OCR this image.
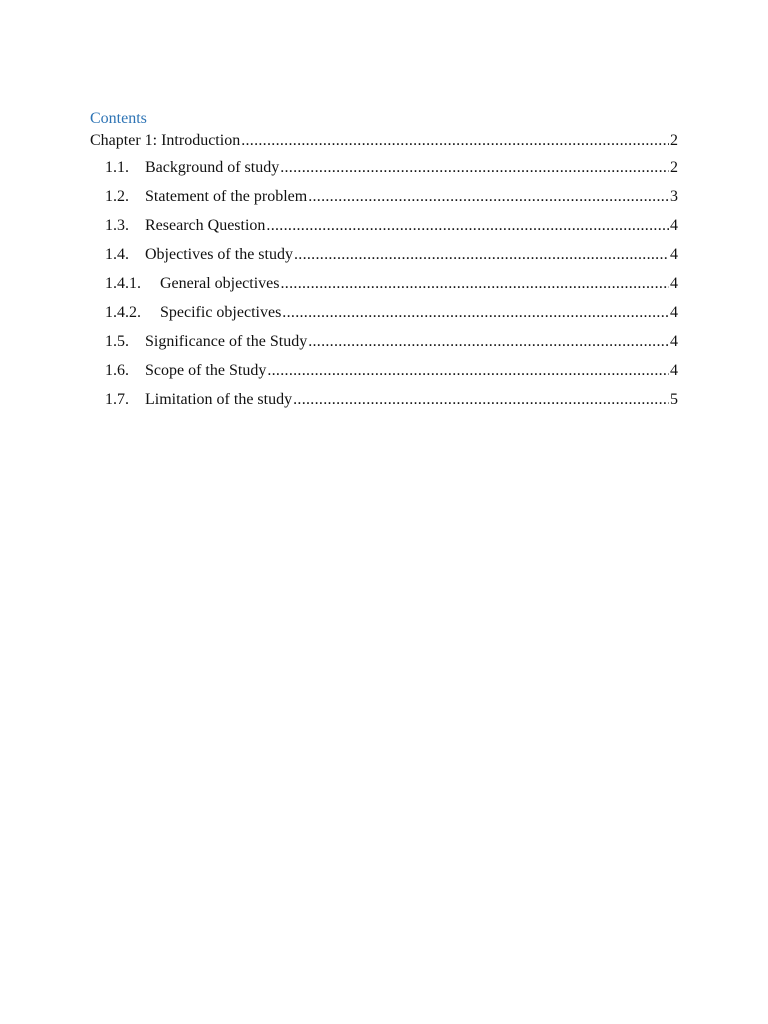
Contents
Chapter 1: Introduction .....	2
1.1.	Background of study .....	2
1.2.	Statement of the problem .....	3
1.3.	Research Question .....	4
1.4.	Objectives of the study .....	4
1.4.1.	General objectives .....	4
1.4.2.	Specific objectives .....	4
1.5.	Significance of the Study .....	4
1.6.	Scope of the Study .....	4
1.7.	Limitation of the study .....	5
